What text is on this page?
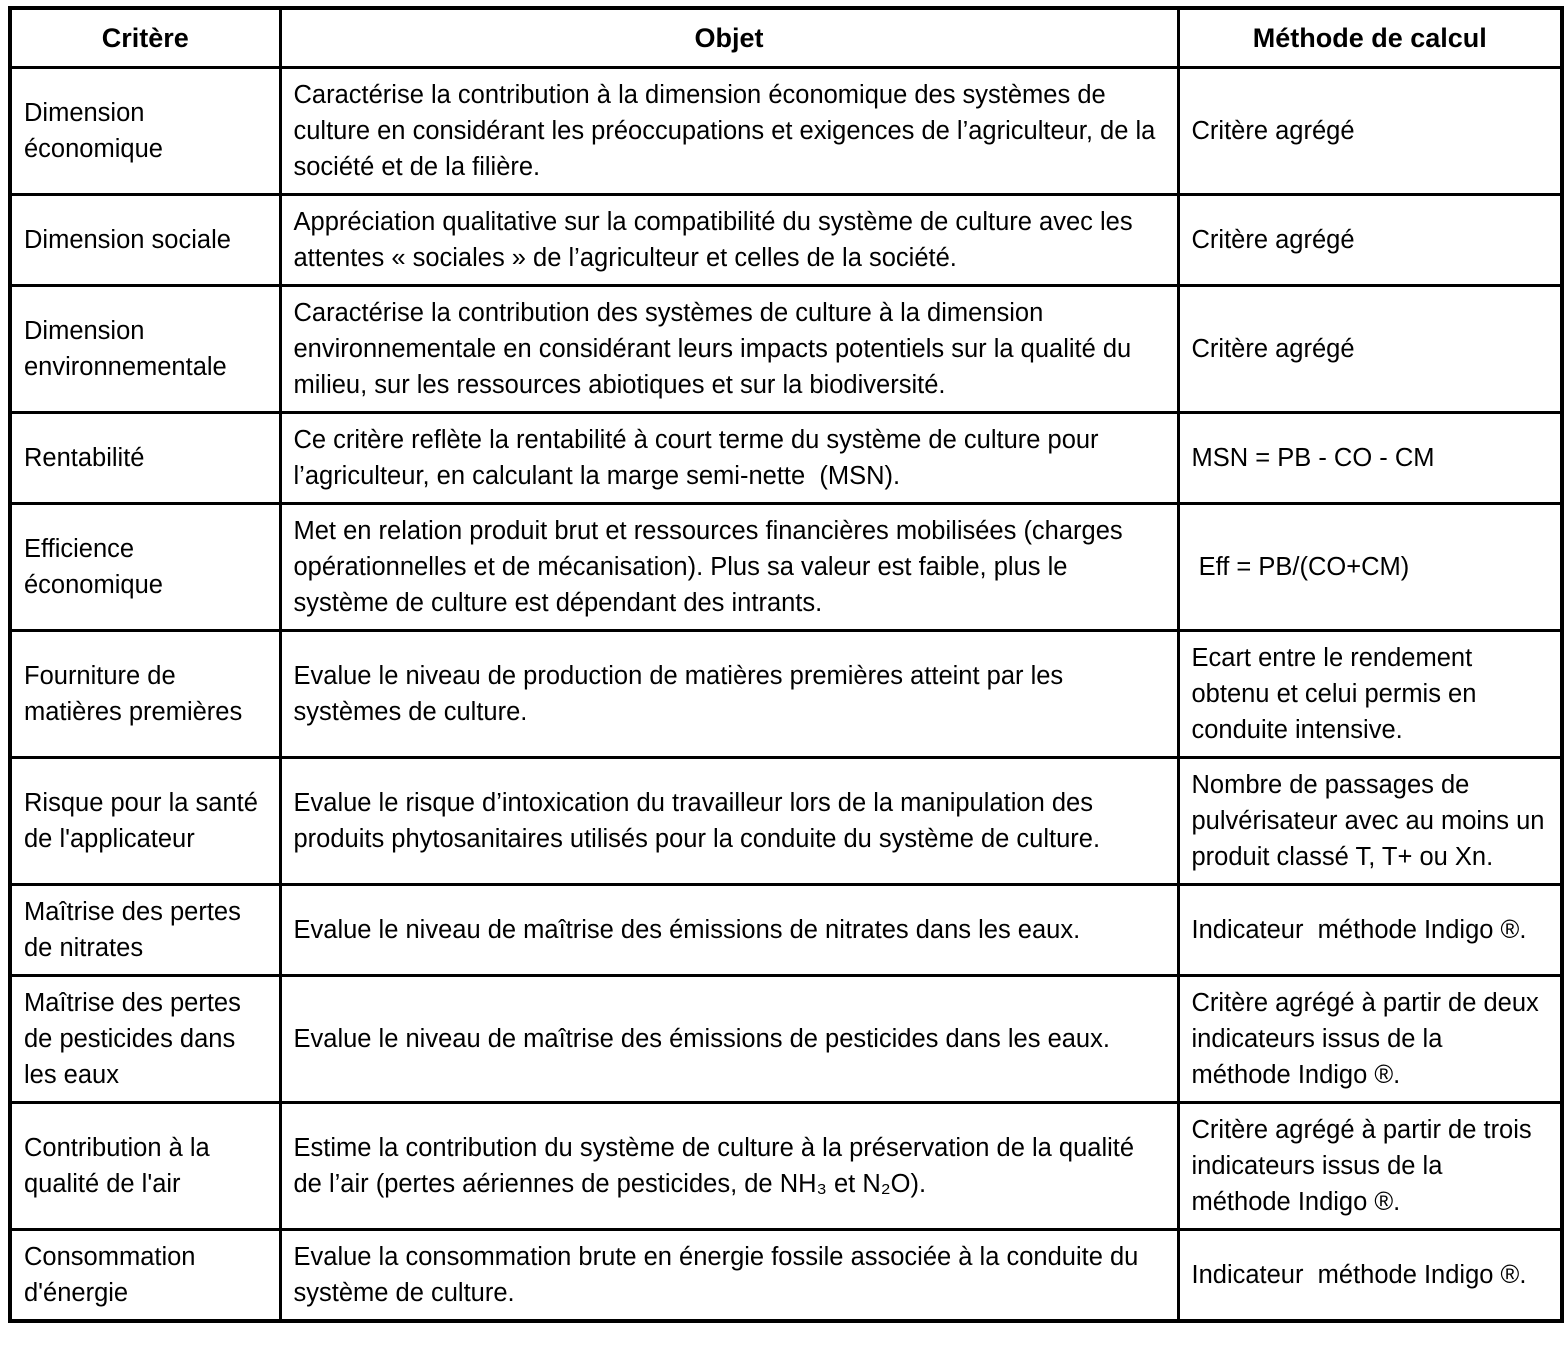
Critère	Objet	Méthode de calcul
Dimension économique	Caractérise la contribution à la dimension économique des systèmes de culture en considérant les préoccupations et exigences de l’agriculteur, de la société et de la filière.	Critère agrégé
Dimension sociale	Appréciation qualitative sur la compatibilité du système de culture avec les attentes « sociales » de l’agriculteur et celles de la société.	Critère agrégé
Dimension environnementale	Caractérise la contribution des systèmes de culture à la dimension environnementale en considérant leurs impacts potentiels sur la qualité du milieu, sur les ressources abiotiques et sur la biodiversité.	Critère agrégé
Rentabilité	Ce critère reflète la rentabilité à court terme du système de culture pour l’agriculteur, en calculant la marge semi-nette  (MSN).	MSN = PB - CO - CM
Efficience économique	Met en relation produit brut et ressources financières mobilisées (charges opérationnelles et de mécanisation). Plus sa valeur est faible, plus le système de culture est dépendant des intrants.	Eff = PB/(CO+CM)
Fourniture de matières premières	Evalue le niveau de production de matières premières atteint par les systèmes de culture.	Ecart entre le rendement obtenu et celui permis en conduite intensive.
Risque pour la santé de l'applicateur	Evalue le risque d’intoxication du travailleur lors de la manipulation des produits phytosanitaires utilisés pour la conduite du système de culture.	Nombre de passages de pulvérisateur avec au moins un produit classé T, T+ ou Xn.
Maîtrise des pertes de nitrates	Evalue le niveau de maîtrise des émissions de nitrates dans les eaux.	Indicateur  méthode Indigo ®.
Maîtrise des pertes de pesticides dans les eaux	Evalue le niveau de maîtrise des émissions de pesticides dans les eaux.	Critère agrégé à partir de deux indicateurs issus de la méthode Indigo ®.
Contribution à la qualité de l'air	Estime la contribution du système de culture à la préservation de la qualité de l’air (pertes aériennes de pesticides, de NH₃ et N₂O).	Critère agrégé à partir de trois indicateurs issus de la méthode Indigo ®.
Consommation d'énergie	Evalue la consommation brute en énergie fossile associée à la conduite du système de culture.	Indicateur  méthode Indigo ®.
